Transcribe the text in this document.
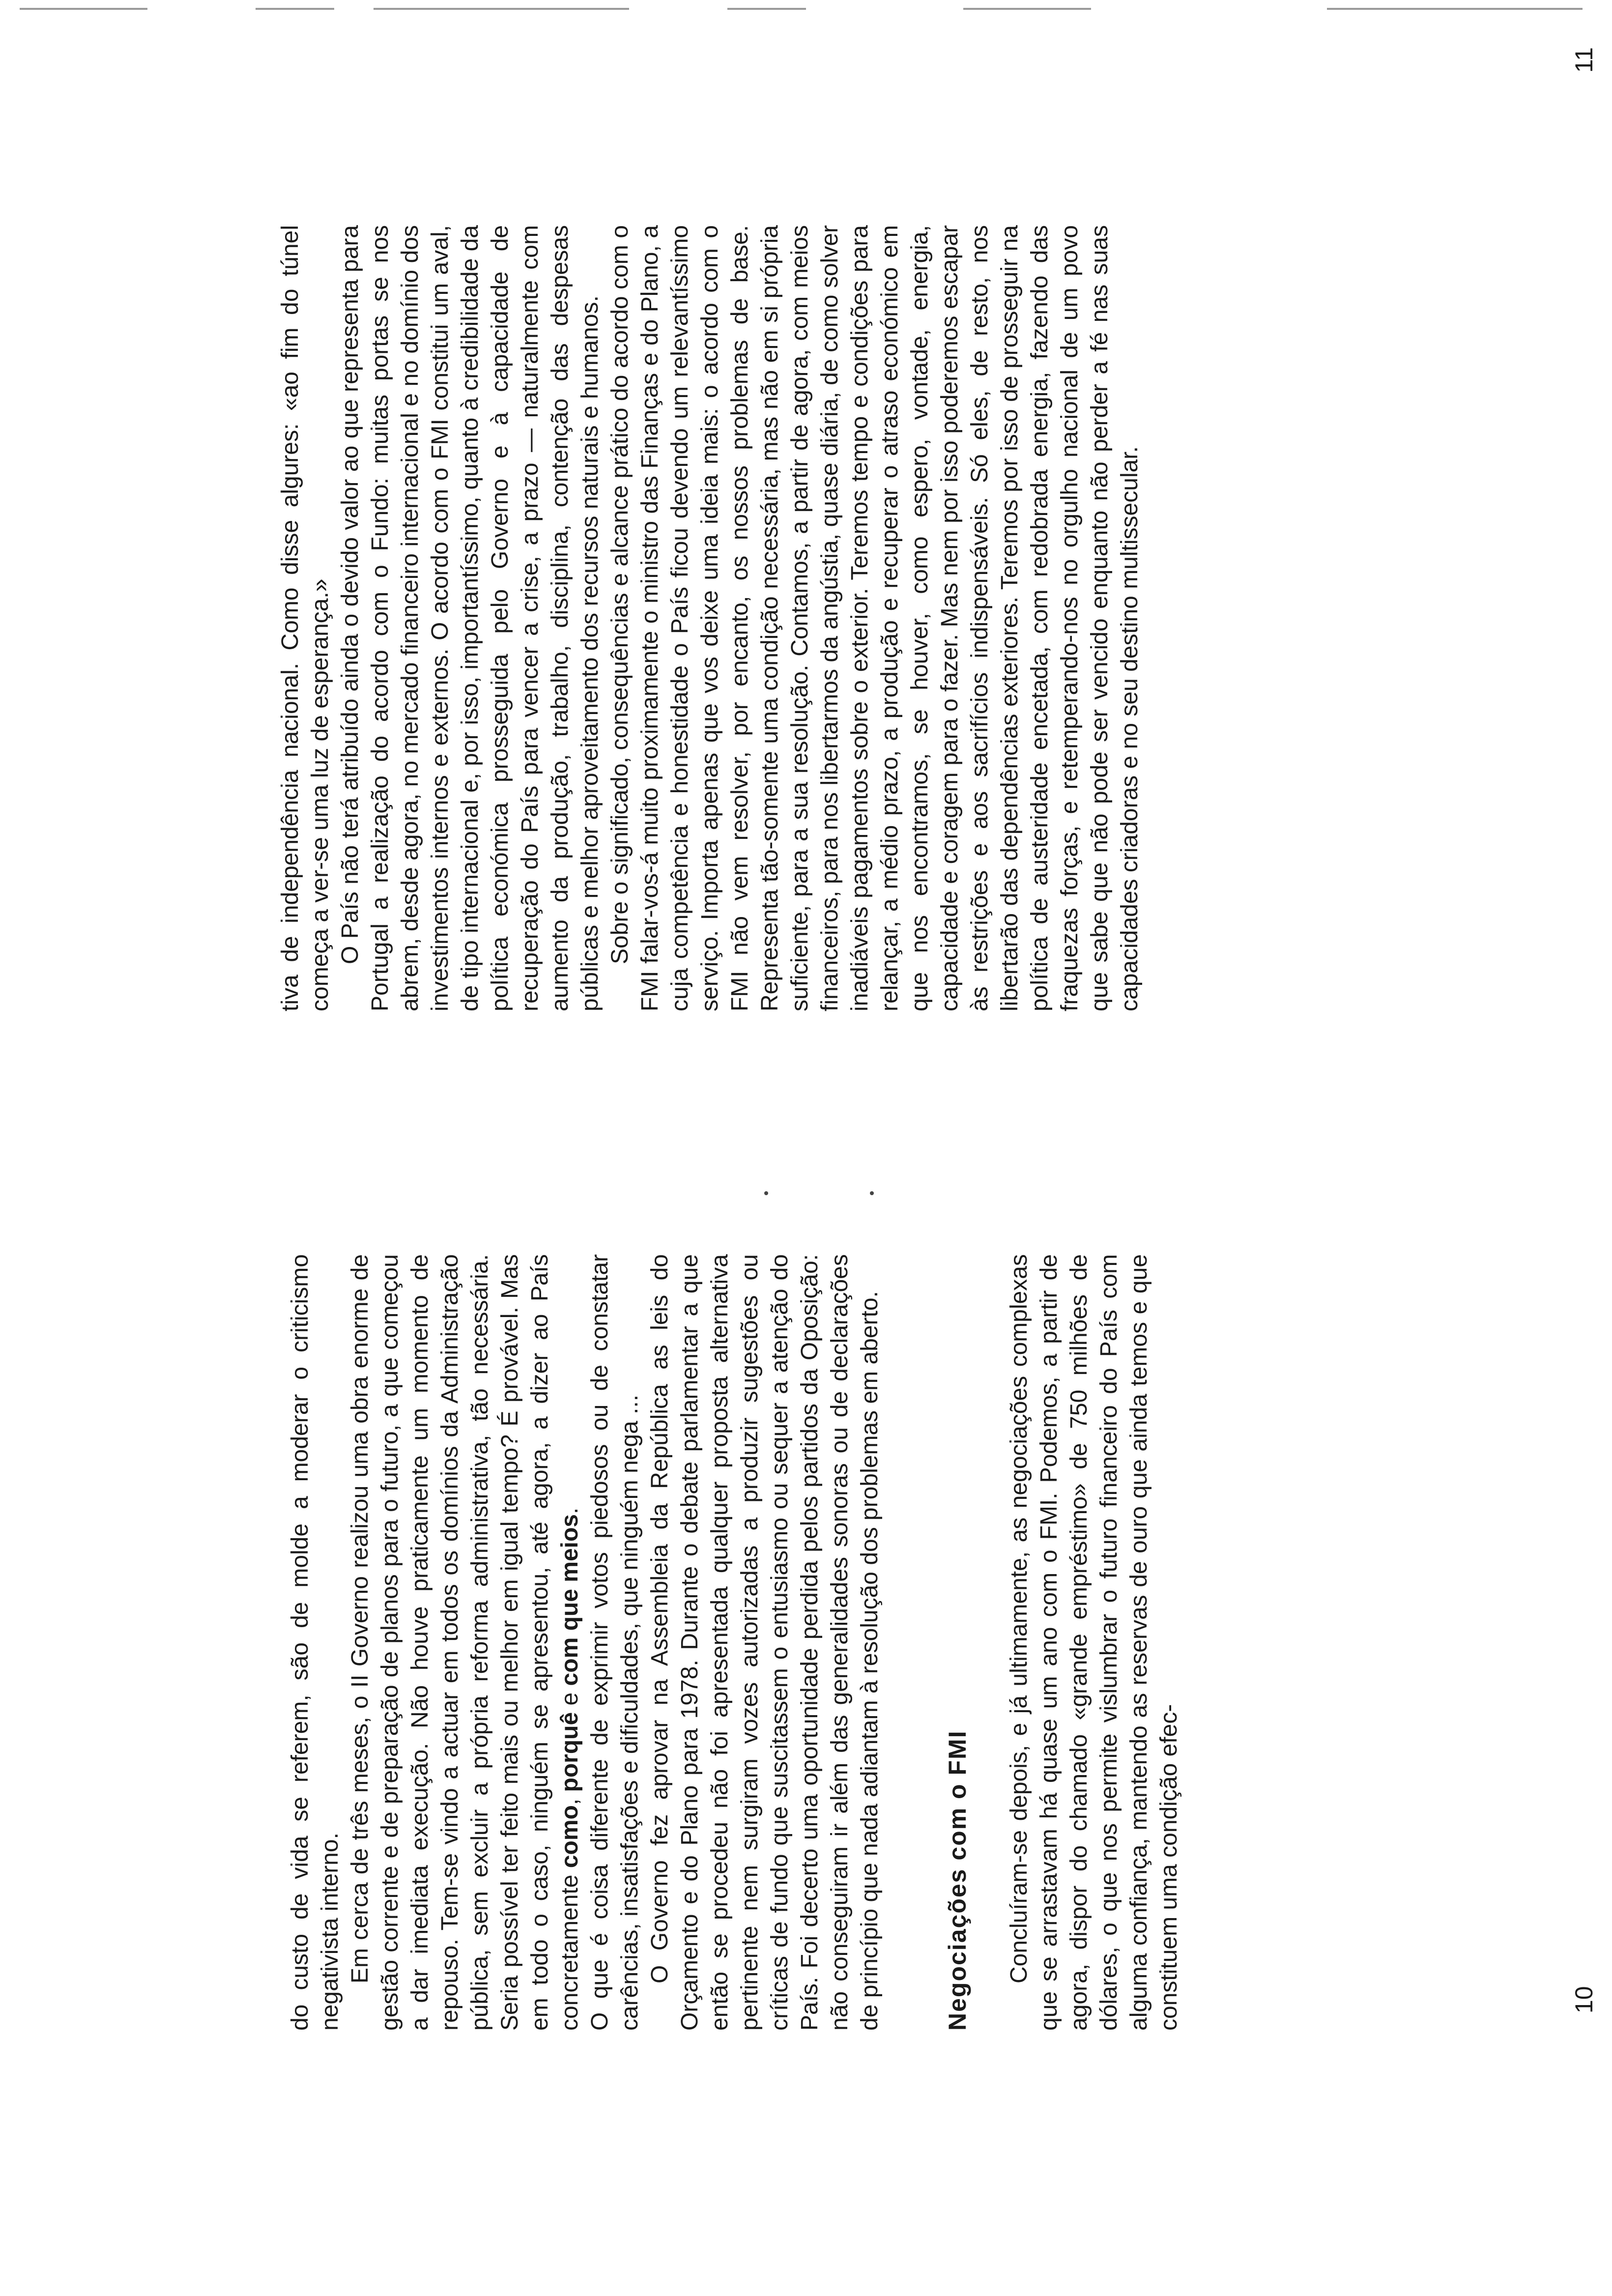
do custo de vida se referem, são de molde a moderar o criticismo negativista interno. Em cerca de três meses, o II Governo realizou uma obra enorme de gestão corrente e de preparação de planos para o futuro, a que começou a dar imediata execução. Não houve praticamente um momento de repouso. Tem-se vindo a actuar em todos os domínios da Administração pública, sem excluir a própria reforma administrativa, tão necessária. Seria possível ter feito mais ou melhor em igual tempo? É provável. Mas em todo o caso, ninguém se apresentou, até agora, a dizer ao País concretamente como, porquê e com que meios. O que é coisa diferente de exprimir votos piedosos ou de constatar carências, insatisfações e dificuldades, que ninguém nega ... O Governo fez aprovar na Assembleia da República as leis do Orçamento e do Plano para 1978. Durante o debate parlamentar a que então se procedeu não foi apresentada qualquer proposta alternativa pertinente nem surgiram vozes autorizadas a produzir sugestões ou críticas de fundo que suscitassem o entusiasmo ou sequer a atenção do País. Foi decerto uma oportunidade perdida pelos partidos da Oposição: não conseguiram ir além das generalidades sonoras ou de declarações de princípio que nada adiantam à resolução dos problemas em aberto. Negociações com o FMI Concluíram-se depois, e já ultimamente, as negociações complexas que se arrastavam há quase um ano com o FMI. Podemos, a partir de agora, dispor do chamado «grande empréstimo» de 750 milhões de dólares, o que nos permite vislumbrar o futuro financeiro do País com alguma confiança, mantendo as reservas de ouro que ainda temos e que constituem uma condição efec-	10

tiva de independência nacional. Como disse algures: «ao fim do túnel começa a ver-se uma luz de esperança.» O País não terá atribuído ainda o devido valor ao que representa para Portugal a realização do acordo com o Fundo: muitas portas se nos abrem, desde agora, no mercado financeiro internacional e no domínio dos investimentos internos e externos. O acordo com o FMI constitui um aval, de tipo internacional e, por isso, importantíssimo, quanto à credibilidade da política económica prosseguida pelo Governo e à capacidade de recuperação do País para vencer a crise, a prazo — naturalmente com aumento da produção, trabalho, disciplina, contenção das despesas públicas e melhor aproveitamento dos recursos naturais e humanos. Sobre o significado, consequências e alcance prático do acordo com o FMI falar-vos-á muito proximamente o ministro das Finanças e do Plano, a cuja competência e honestidade o País ficou devendo um relevantíssimo serviço. Importa apenas que vos deixe uma ideia mais: o acordo com o FMI não vem resolver, por encanto, os nossos problemas de base. Representa tão-somente uma condição necessária, mas não em si própria suficiente, para a sua resolução. Contamos, a partir de agora, com meios financeiros, para nos libertarmos da angústia, quase diária, de como solver inadiáveis pagamentos sobre o exterior. Teremos tempo e condições para relançar, a médio prazo, a produção e recuperar o atraso económico em que nos encontramos, se houver, como espero, vontade, energia, capacidade e coragem para o fazer. Mas nem por isso poderemos escapar às restrições e aos sacrifícios indispensáveis. Só eles, de resto, nos libertarão das dependências exteriores. Teremos por isso de prosseguir na política de austeridade encetada, com redobrada energia, fazendo das fraquezas forças, e retemperando-nos no orgulho nacional de um povo que sabe que não pode ser vencido enquanto não perder a fé nas suas capacidades criadoras e no seu destino multissecular.

11
